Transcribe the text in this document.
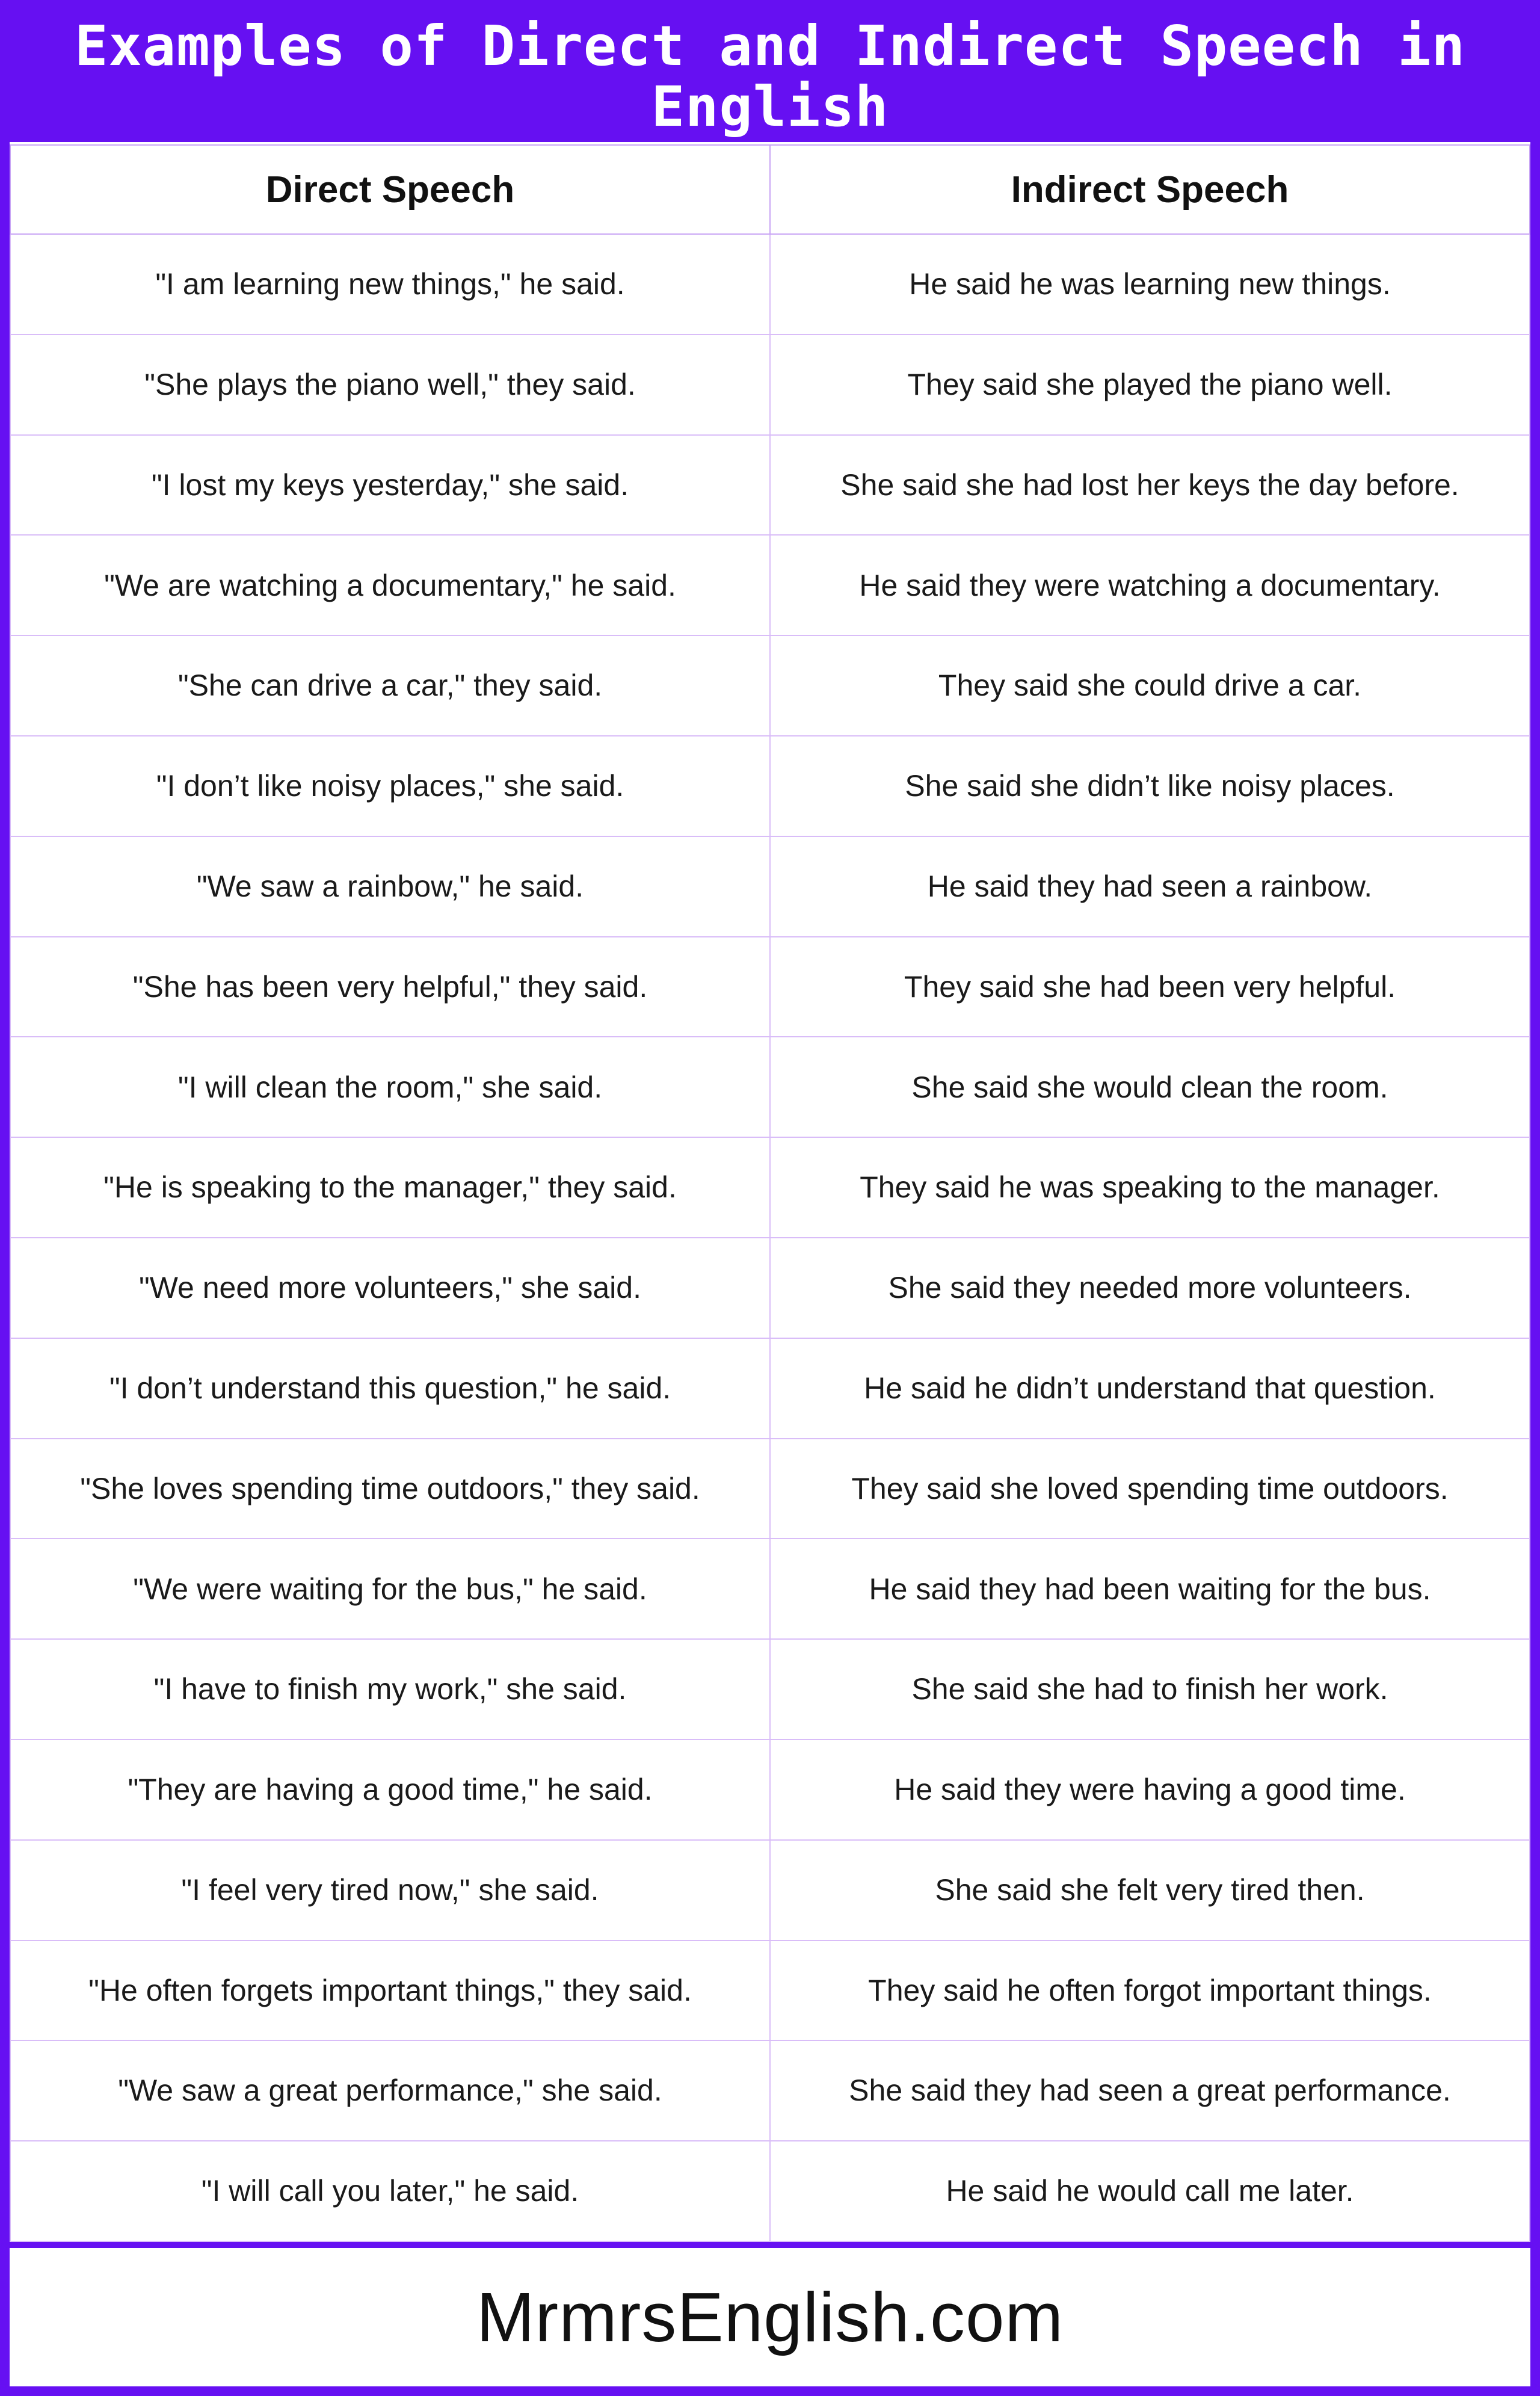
Examples of Direct and Indirect Speech in English
Direct Speech	Indirect Speech
"I am learning new things," he said.	He said he was learning new things.
"She plays the piano well," they said.	They said she played the piano well.
"I lost my keys yesterday," she said.	She said she had lost her keys the day before.
"We are watching a documentary," he said.	He said they were watching a documentary.
"She can drive a car," they said.	They said she could drive a car.
"I don’t like noisy places," she said.	She said she didn’t like noisy places.
"We saw a rainbow," he said.	He said they had seen a rainbow.
"She has been very helpful," they said.	They said she had been very helpful.
"I will clean the room," she said.	She said she would clean the room.
"He is speaking to the manager," they said.	They said he was speaking to the manager.
"We need more volunteers," she said.	She said they needed more volunteers.
"I don’t understand this question," he said.	He said he didn’t understand that question.
"She loves spending time outdoors," they said.	They said she loved spending time outdoors.
"We were waiting for the bus," he said.	He said they had been waiting for the bus.
"I have to finish my work," she said.	She said she had to finish her work.
"They are having a good time," he said.	He said they were having a good time.
"I feel very tired now," she said.	She said she felt very tired then.
"He often forgets important things," they said.	They said he often forgot important things.
"We saw a great performance," she said.	She said they had seen a great performance.
"I will call you later," he said.	He said he would call me later.
MrmrsEnglish.com
